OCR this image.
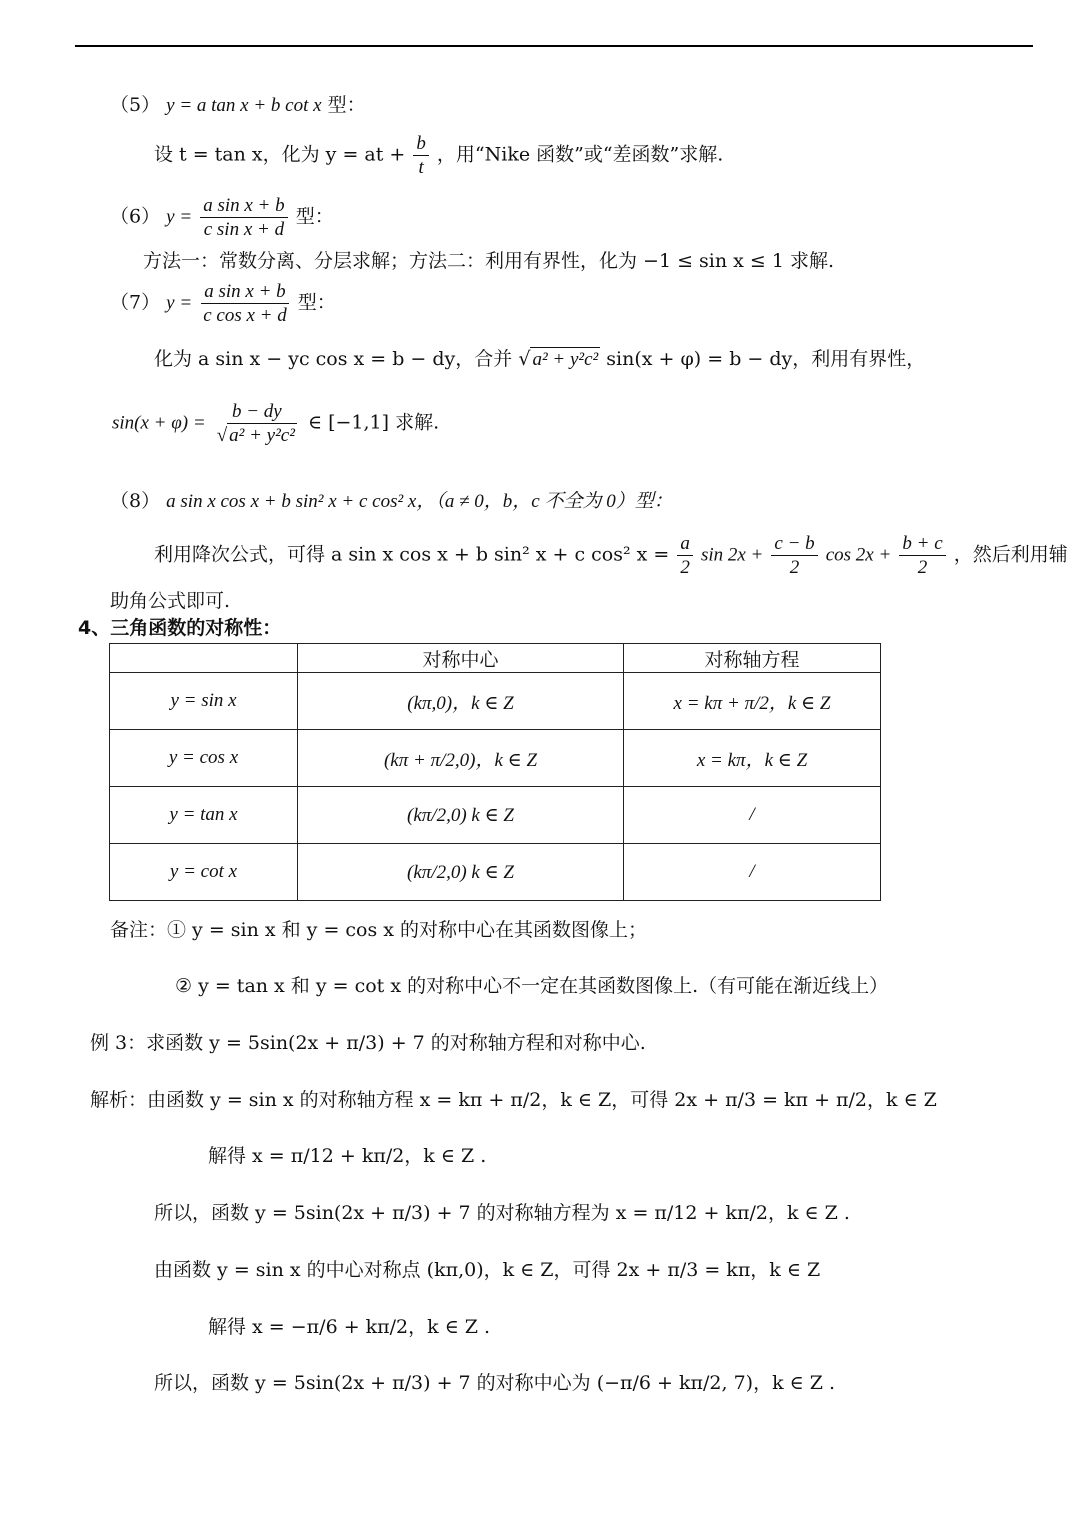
（5） y = a tan x + b cot x 型：
设 t = tan x，化为 y = at + $\frac{b}{t}$ ，用“Nike 函数”或“差函数”求解.
（6） $y = \frac{\text{a sin x + b}}{\text{c sin x + d}}$ 型：
方法一：常数分离、分层求解；方法二：利用有界性，化为 −1 ≤ sin x ≤ 1 求解.
（7） $y = \frac{\text{a sin x + b}}{\text{c cos x + d}}$ 型：
化为 a sin x − yc cos x = b − dy，合并 √ a² + y²c² sin(x + φ) = b − dy，利用有界性，
$\sin(x + \varphi) = \frac{b - dy}{\text{√ a² + y²c²}}$ ∈ [−1,1] 求解.
（8） a sin x cos x + b sin² x + c cos² x，（a ≠ 0，b，c 不全为 0）型：
利用降次公式，可得 a sin x cos x + b sin² x + c cos² $x = \frac{a}{2}$ $\sin 2x + \frac{c - b}{2}$ $\cos 2x + \frac{b + c}{2}$ ，然后利用辅
助角公式即可.
4、三角函数的对称性：
	对称中心	对称轴方程
y = sin x	(kπ,0)，k ∈ Z	x = kπ + π/2，k ∈ Z
y = cos x	(kπ + π/2,0)，k ∈ Z	x = kπ，k ∈ Z
y = tan x	(kπ/2,0) k ∈ Z	/
y = cot x	(kπ/2,0) k ∈ Z	/
备注：① y = sin x 和 y = cos x 的对称中心在其函数图像上；
② y = tan x 和 y = cot x 的对称中心不一定在其函数图像上.（有可能在渐近线上）
例 3：求函数 y = 5sin(2x + π/3) + 7 的对称轴方程和对称中心.
解析：由函数 y = sin x 的对称轴方程 x = kπ + π/2，k ∈ Z，可得 2x + π/3 = kπ + π/2，k ∈ Z
解得 x = π/12 + kπ/2，k ∈ Z .
所以，函数 y = 5sin(2x + π/3) + 7 的对称轴方程为 x = π/12 + kπ/2，k ∈ Z .
由函数 y = sin x 的中心对称点 (kπ,0)，k ∈ Z，可得 2x + π/3 = kπ，k ∈ Z
解得 x = −π/6 + kπ/2，k ∈ Z .
所以，函数 y = 5sin(2x + π/3) + 7 的对称中心为 (−π/6 + kπ/2, 7)，k ∈ Z .
